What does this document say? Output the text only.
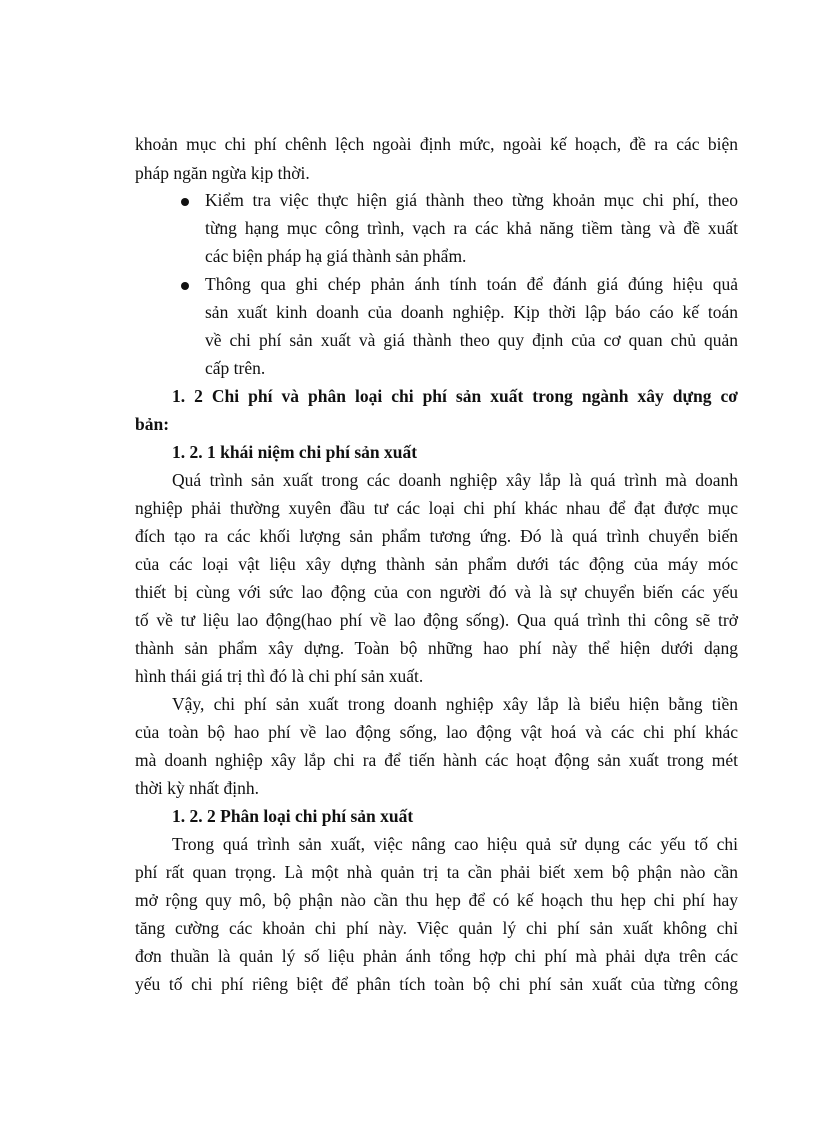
khoản mục chi phí chênh lệch ngoài định mức, ngoài kế hoạch, đề ra các biện
pháp ngăn ngừa kịp thời.
Kiểm tra việc thực hiện giá thành theo từng khoản mục chi phí, theo
từng hạng mục công trình, vạch ra các khả năng tiềm tàng và đề xuất
các biện pháp hạ giá thành sản phẩm.
Thông qua ghi chép phản ánh tính toán để đánh giá đúng hiệu quả
sản xuất kinh doanh của doanh nghiệp. Kịp thời lập báo cáo kế toán
về chi phí sản xuất và giá thành theo quy định của cơ quan chủ quản
cấp trên.
1. 2 Chi phí và phân loại chi phí sản xuất trong ngành xây dựng cơ
bản:
1. 2. 1 khái niệm chi phí sản xuất
Quá trình sản xuất trong các doanh nghiệp xây lắp là quá trình mà doanh
nghiệp phải thường xuyên đầu tư các loại chi phí khác nhau để đạt được mục
đích tạo ra các khối lượng sản phẩm tương ứng. Đó là quá trình chuyển biến
của các loại vật liệu xây dựng thành sản phẩm dưới tác động của máy móc
thiết bị cùng với sức lao động của con người đó và là sự chuyển biến các yếu
tố về tư liệu lao động(hao phí về lao động sống). Qua quá trình thi công sẽ trở
thành sản phẩm xây dựng. Toàn bộ những hao phí này thể hiện dưới dạng
hình thái giá trị thì đó là chi phí sản xuất.
Vậy, chi phí sản xuất trong doanh nghiệp xây lắp là biểu hiện bằng tiền
của toàn bộ hao phí về lao động sống, lao động vật hoá và các chi phí khác
mà doanh nghiệp xây lắp chi ra để tiến hành các hoạt động sản xuất trong mét
thời kỳ nhất định.
1. 2. 2 Phân loại chi phí sản xuất
Trong quá trình sản xuất, việc nâng cao hiệu quả sử dụng các yếu tố chi
phí rất quan trọng. Là một nhà quản trị ta cần phải biết xem bộ phận nào cần
mở rộng quy mô, bộ phận nào cần thu hẹp để có kế hoạch thu hẹp chi phí hay
tăng cường các khoản chi phí này. Việc quản lý chi phí sản xuất không chỉ
đơn thuần là quản lý số liệu phản ánh tổng hợp chi phí mà phải dựa trên các
yếu tố chi phí riêng biệt để phân tích toàn bộ chi phí sản xuất của từng công
